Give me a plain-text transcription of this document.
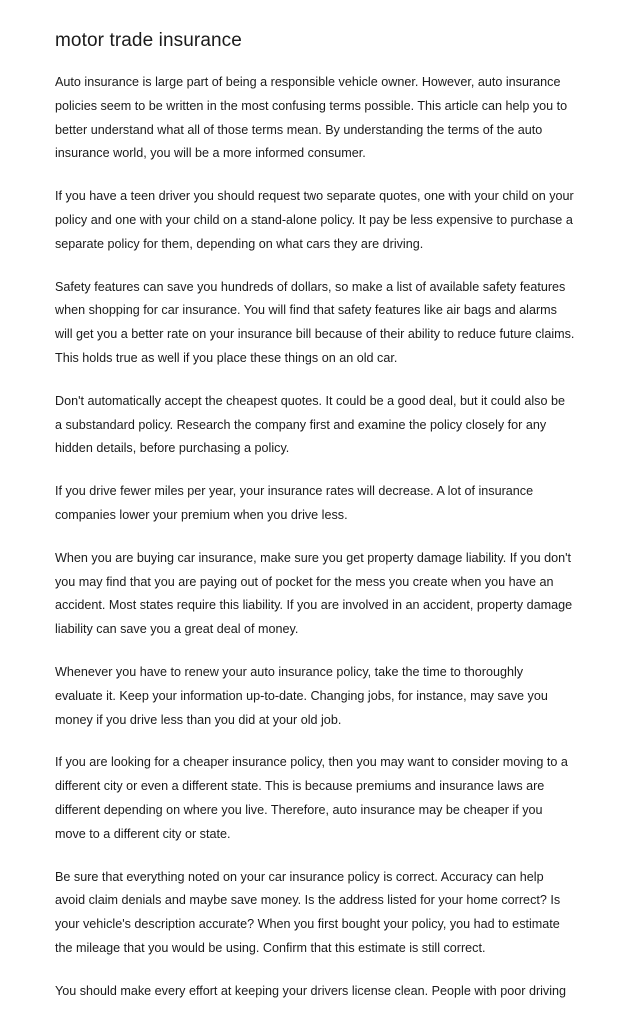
motor trade insurance

Auto insurance is large part of being a responsible vehicle owner. However, auto insurance
policies seem to be written in the most confusing terms possible. This article can help you to
better understand what all of those terms mean. By understanding the terms of the auto
insurance world, you will be a more informed consumer.

If you have a teen driver you should request two separate quotes, one with your child on your
policy and one with your child on a stand-alone policy. It pay be less expensive to purchase a
separate policy for them, depending on what cars they are driving.

Safety features can save you hundreds of dollars, so make a list of available safety features
when shopping for car insurance. You will find that safety features like air bags and alarms
will get you a better rate on your insurance bill because of their ability to reduce future claims.
This holds true as well if you place these things on an old car.

Don't automatically accept the cheapest quotes. It could be a good deal, but it could also be
a substandard policy. Research the company first and examine the policy closely for any
hidden details, before purchasing a policy.

If you drive fewer miles per year, your insurance rates will decrease. A lot of insurance
companies lower your premium when you drive less.

When you are buying car insurance, make sure you get property damage liability. If you don't
you may find that you are paying out of pocket for the mess you create when you have an
accident. Most states require this liability. If you are involved in an accident, property damage
liability can save you a great deal of money.

Whenever you have to renew your auto insurance policy, take the time to thoroughly
evaluate it. Keep your information up-to-date. Changing jobs, for instance, may save you
money if you drive less than you did at your old job.

If you are looking for a cheaper insurance policy, then you may want to consider moving to a
different city or even a different state. This is because premiums and insurance laws are
different depending on where you live. Therefore, auto insurance may be cheaper if you
move to a different city or state.

Be sure that everything noted on your car insurance policy is correct. Accuracy can help
avoid claim denials and maybe save money. Is the address listed for your home correct? Is
your vehicle's description accurate? When you first bought your policy, you had to estimate
the mileage that you would be using. Confirm that this estimate is still correct.

You should make every effort at keeping your drivers license clean. People with poor driving
